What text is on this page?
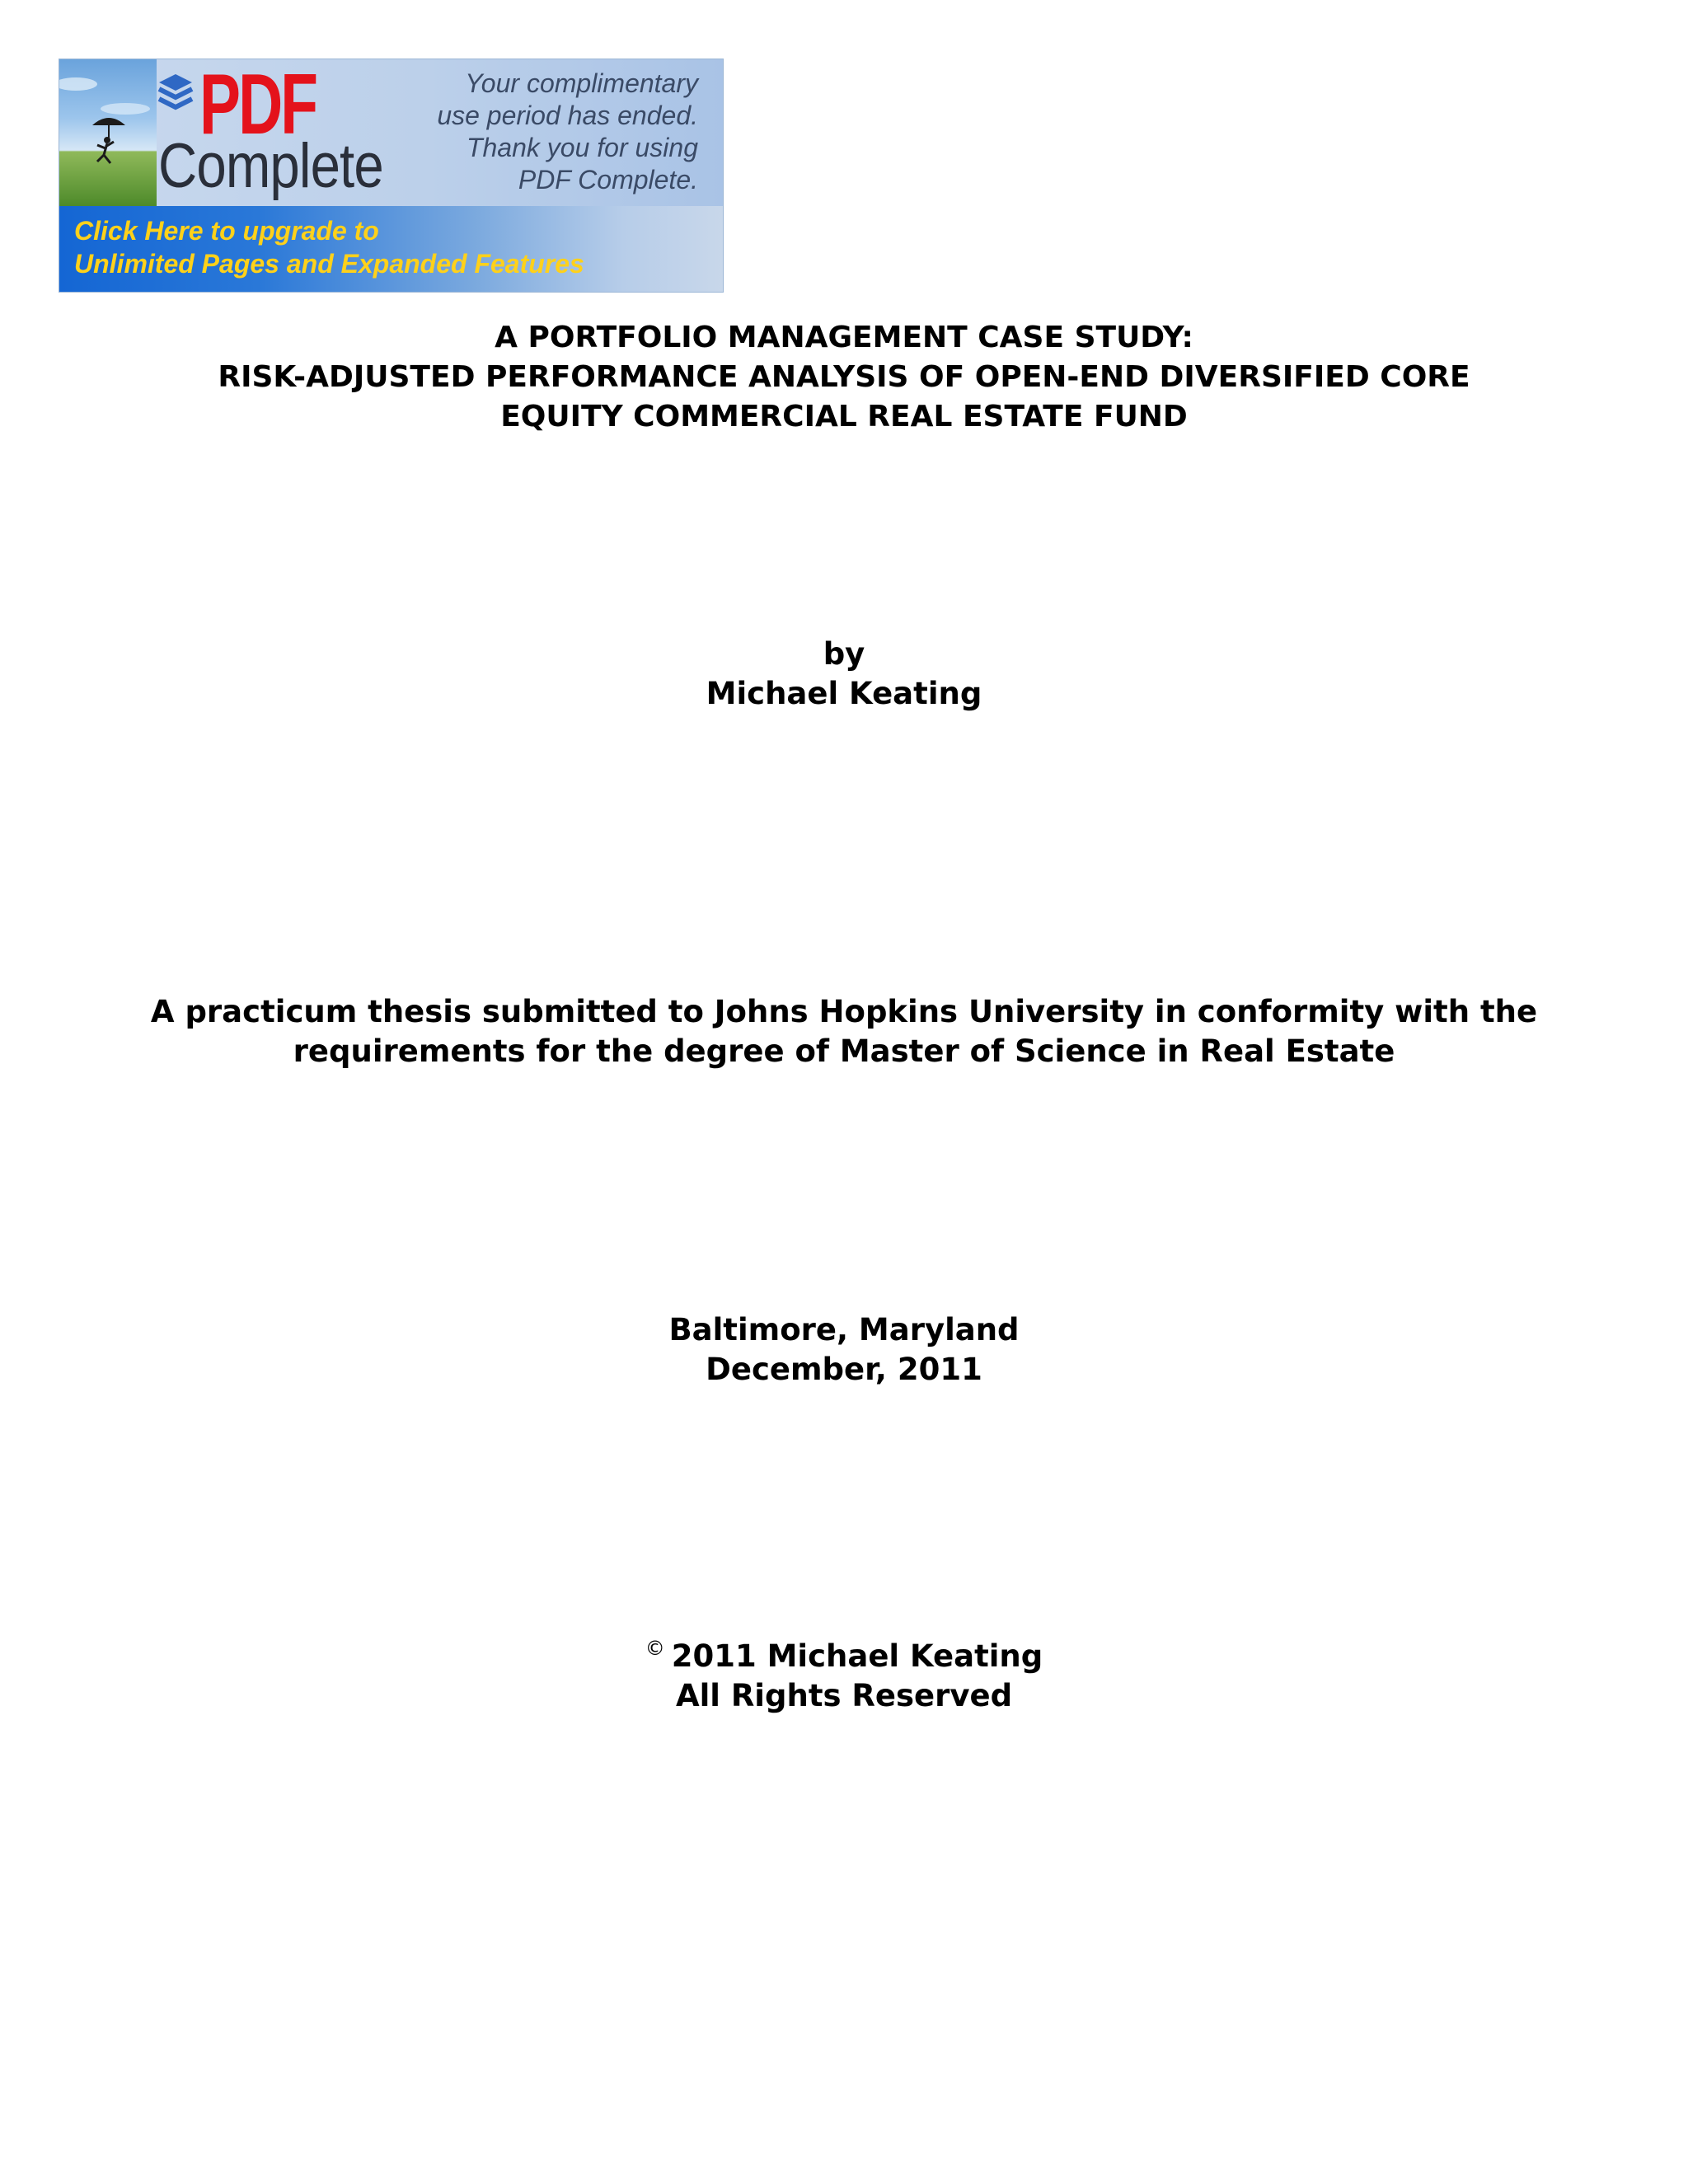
PDF
Complete
Your complimentary
use period has ended.
Thank you for using
PDF Complete.
Click Here to upgrade to
Unlimited Pages and Expanded Features
A PORTFOLIO MANAGEMENT CASE STUDY:
RISK-ADJUSTED PERFORMANCE ANALYSIS OF OPEN-END DIVERSIFIED CORE
EQUITY COMMERCIAL REAL ESTATE FUND
by
Michael Keating
A practicum thesis submitted to Johns Hopkins University in conformity with the
requirements for the degree of Master of Science in Real Estate
Baltimore, Maryland
December, 2011
© 2011 Michael Keating
All Rights Reserved
